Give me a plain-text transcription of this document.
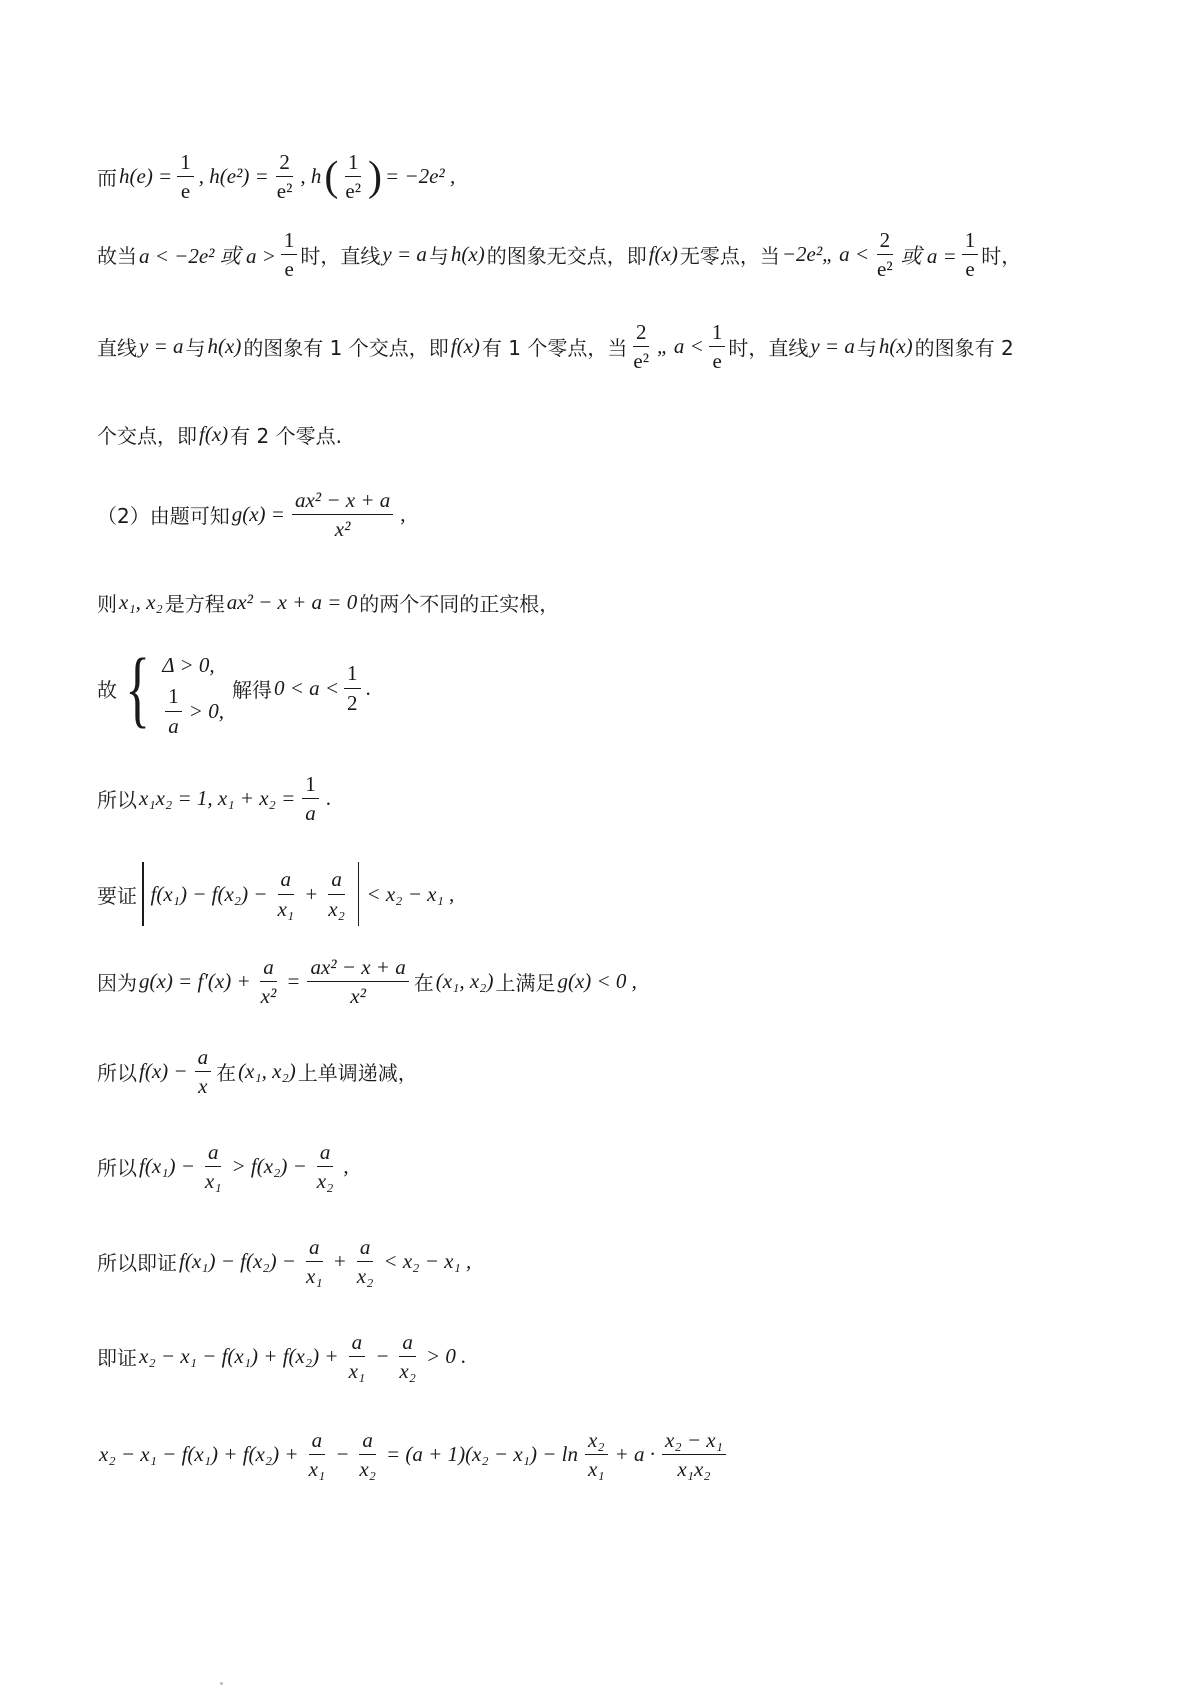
而 $h(e) = \frac{1}{e}$ , $h(e^2) = \frac{2}{\text{e²}}$ , h ( $\frac{1}{\text{e²}}$ ) = −2e² ,
故当 a < −2e² 或 $a > \frac{1}{e}$ 时，直线 y = a 与 h(x) 的图象无交点，即 f(x) 无零点，当 −2e²„ $a < \frac{2}{\text{e²}}$ 或 $a = \frac{1}{e}$ 时，
直线 y = a 与 h(x) 的图象有 1 个交点，即 f(x) 有 1 个零点，当 $\frac{2}{\text{e²}}$ „ $a < \frac{1}{e}$ 时，直线 y = a 与 h(x) 的图象有 2
个交点，即 f(x) 有 2 个零点.
（2）由题可知 $g(x) = \frac{\text{ax² − x + a}}{\text{x²}}$ ,
则 x₁, x₂ 是方程 ax² − x + a = 0 的两个不同的正实根，
故 { Δ > 0,
$\frac{1}{a} > 0$,
解得 $0 < a < \frac{1}{2}$ .
所以 x₁x₂ = 1, $x_1 + x_2 = \frac{1}{a}$ .
要证 $f(x_1) - f(x_2) - \frac{a}{\text{x₁}} + \frac{a}{\text{x₂}} < x_2 - x_1$ ,
因为 $g(x) = f'(x) + \frac{a}{\text{x²}} = \frac{\text{ax² − x + a}}{\text{x²}}$ 在 (x₁, x₂) 上满足 g(x) < 0 ,
所以 $f(x) - \frac{a}{x}$ 在 (x₁, x₂) 上单调递减，
所以 $f(x_1) - \frac{a}{\text{x₁}} > f(x_2) - \frac{a}{\text{x₂}}$ ,
所以即证 $f(x_1) - f(x_2) - \frac{a}{\text{x₁}} + \frac{a}{\text{x₂}} < x_2 - x_1$ ,
即证 $x_2 - x_1 - f(x_1) + f(x_2) + \frac{a}{\text{x₁}} - \frac{a}{\text{x₂}} > 0$ .
$x_2 - x_1 - f(x_1) + f(x_2) + \frac{a}{\text{x₁}} - \frac{a}{\text{x₂}} = (a + 1)(x_2 - x_1) - \ln \frac{\text{x₂}}{\text{x₁}} + a \cdot \frac{\text{x₂ − x₁}}{\text{x₁x₂}}$
